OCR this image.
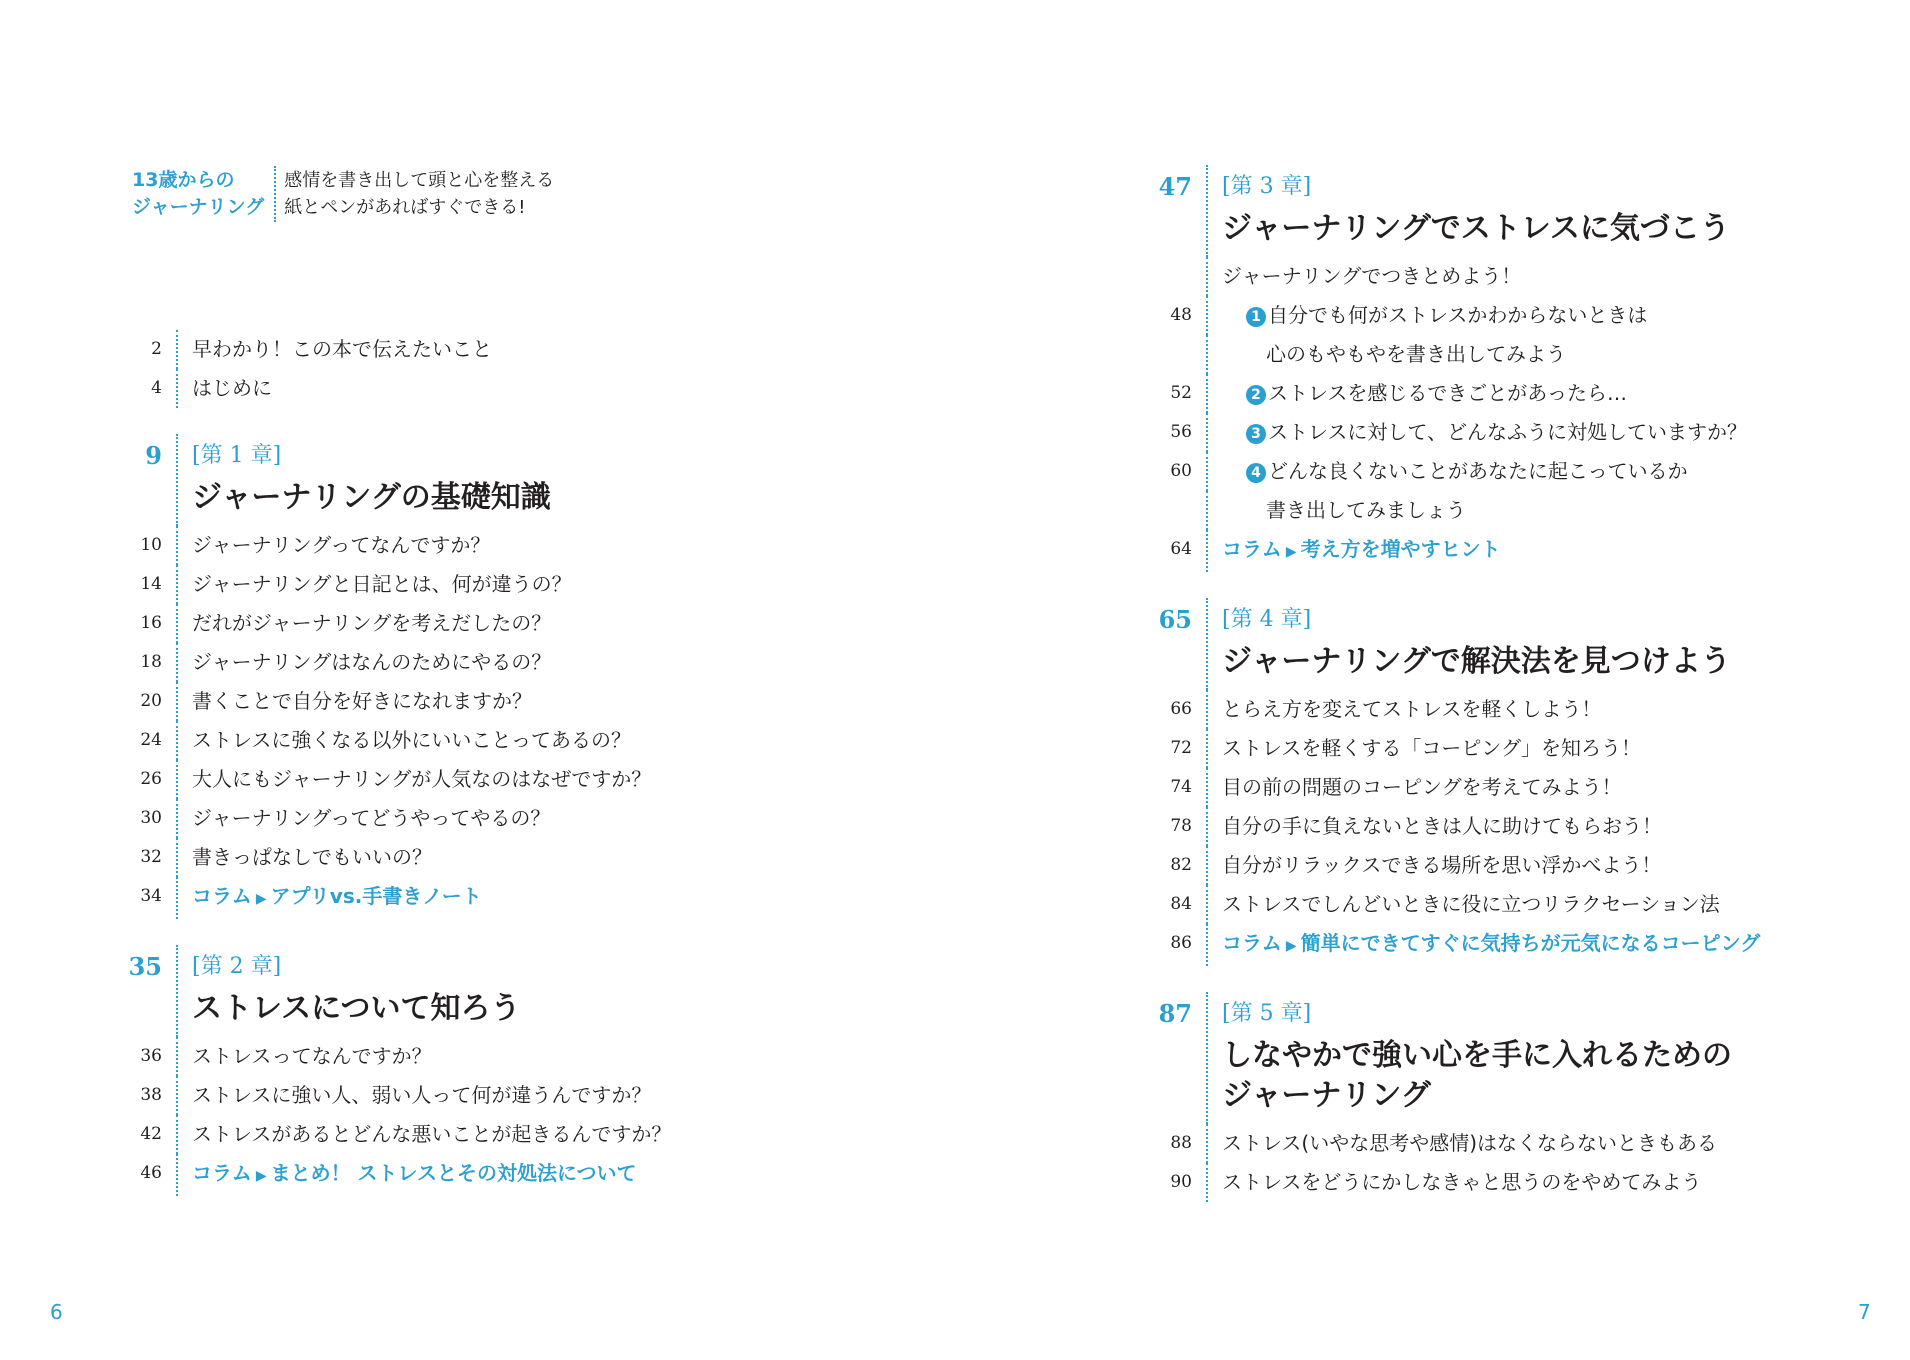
13歳からの
ジャーナリング
感情を書き出して頭と心を整える
紙とペンがあればすぐできる!
2 早わかり！この本で伝えたいこと
4 はじめに
9 [第 1 章]
ジャーナリングの基礎知識
10 ジャーナリングってなんですか？
14 ジャーナリングと日記とは、何が違うの？
16 だれがジャーナリングを考えだしたの？
18 ジャーナリングはなんのためにやるの？
20 書くことで自分を好きになれますか？
24 ストレスに強くなる以外にいいことってあるの？
26 大人にもジャーナリングが人気なのはなぜですか？
30 ジャーナリングってどうやってやるの？
32 書きっぱなしでもいいの？
34 コラム ▶ アプリvs.手書きノート
35 [第 2 章]
ストレスについて知ろう
36 ストレスってなんですか？
38 ストレスに強い人、弱い人って何が違うんですか？
42 ストレスがあるとどんな悪いことが起きるんですか？
46 コラム ▶ まとめ！ ストレスとその対処法について
47 [第 3 章]
ジャーナリングでストレスに気づこう
ジャーナリングでつきとめよう！
48	1 自分でも何がストレスかわからないときは
心のもやもやを書き出してみよう
52	2 ストレスを感じるできごとがあったら…
56	3 ストレスに対して、どんなふうに対処していますか？
60	4 どんな良くないことがあなたに起こっているか
書き出してみましょう
64 コラム ▶ 考え方を増やすヒント
65 [第 4 章]
ジャーナリングで解決法を見つけよう
66 とらえ方を変えてストレスを軽くしよう！
72 ストレスを軽くする「コーピング」を知ろう！
74 目の前の問題のコーピングを考えてみよう！
78 自分の手に負えないときは人に助けてもらおう！
82 自分がリラックスできる場所を思い浮かべよう！
84 ストレスでしんどいときに役に立つリラクセーション法
86 コラム ▶ 簡単にできてすぐに気持ちが元気になるコーピング
87 [第 5 章]
しなやかで強い心を手に入れるための
ジャーナリング
88 ストレス(いやな思考や感情)はなくならないときもある
90 ストレスをどうにかしなきゃと思うのをやめてみよう
6	7
